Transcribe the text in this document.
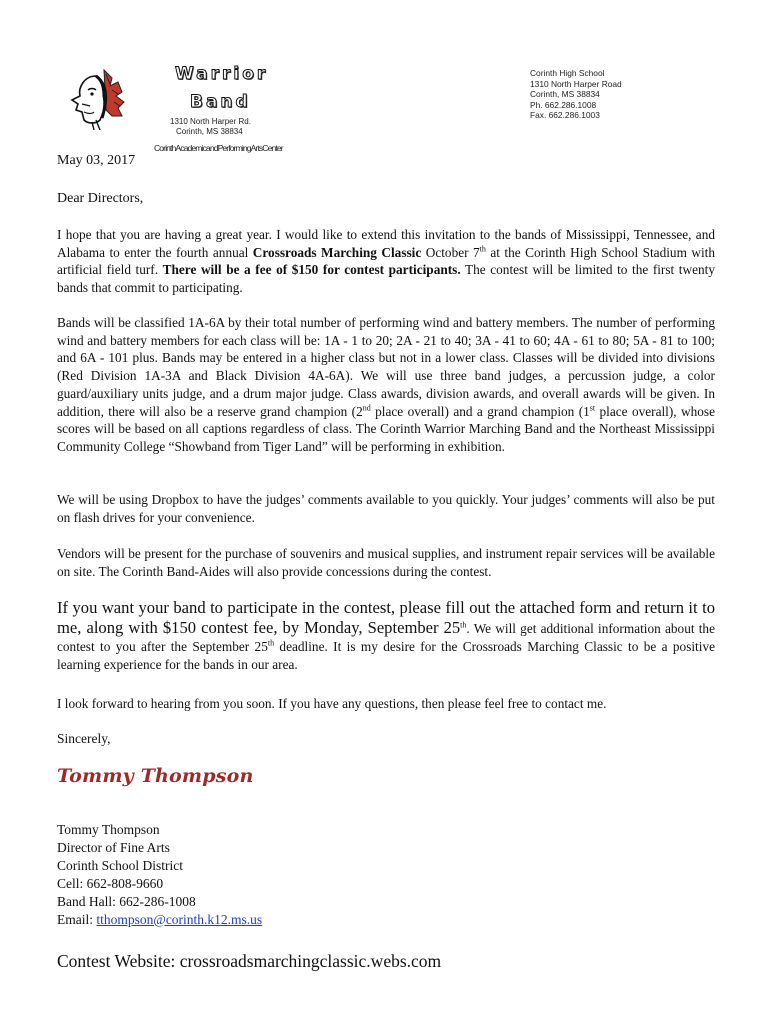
Warrior
Band
1310 North Harper Rd.
Corinth, MS 38834
CorinthAcademicandPerformingArtsCenter
Corinth High School
1310 North Harper Road
Corinth, MS 38834
Ph. 662.286.1008
Fax. 662.286.1003
May 03, 2017
Dear Directors,

I hope that you are having a great year. I would like to extend this invitation to the bands of Mississippi, Tennessee, and Alabama to enter the fourth annual Crossroads Marching Classic October 7th at the Corinth High School Stadium with artificial field turf. There will be a fee of $150 for contest participants. The contest will be limited to the first twenty bands that commit to participating.

Bands will be classified 1A-6A by their total number of performing wind and battery members. The number of performing wind and battery members for each class will be: 1A - 1 to 20; 2A - 21 to 40; 3A - 41 to 60; 4A - 61 to 80; 5A - 81 to 100; and 6A - 101 plus. Bands may be entered in a higher class but not in a lower class. Classes will be divided into divisions (Red Division 1A-3A and Black Division 4A-6A). We will use three band judges, a percussion judge, a color guard/auxiliary units judge, and a drum major judge. Class awards, division awards, and overall awards will be given. In addition, there will also be a reserve grand champion (2nd place overall) and a grand champion (1st place overall), whose scores will be based on all captions regardless of class. The Corinth Warrior Marching Band and the Northeast Mississippi Community College “Showband from Tiger Land” will be performing in exhibition.

We will be using Dropbox to have the judges’ comments available to you quickly. Your judges’ comments will also be put on flash drives for your convenience.

Vendors will be present for the purchase of souvenirs and musical supplies, and instrument repair services will be available on site. The Corinth Band-Aides will also provide concessions during the contest.

If you want your band to participate in the contest, please fill out the attached form and return it to me, along with $150 contest fee, by Monday, September 25th. We will get additional information about the contest to you after the September 25th deadline. It is my desire for the Crossroads Marching Classic to be a positive learning experience for the bands in our area.

I look forward to hearing from you soon. If you have any questions, then please feel free to contact me.

Sincerely,
Tommy Thompson
Tommy Thompson
Director of Fine Arts
Corinth School District
Cell: 662-808-9660
Band Hall: 662-286-1008
Email: tthompson@corinth.k12.ms.us
Contest Website: crossroadsmarchingclassic.webs.com
